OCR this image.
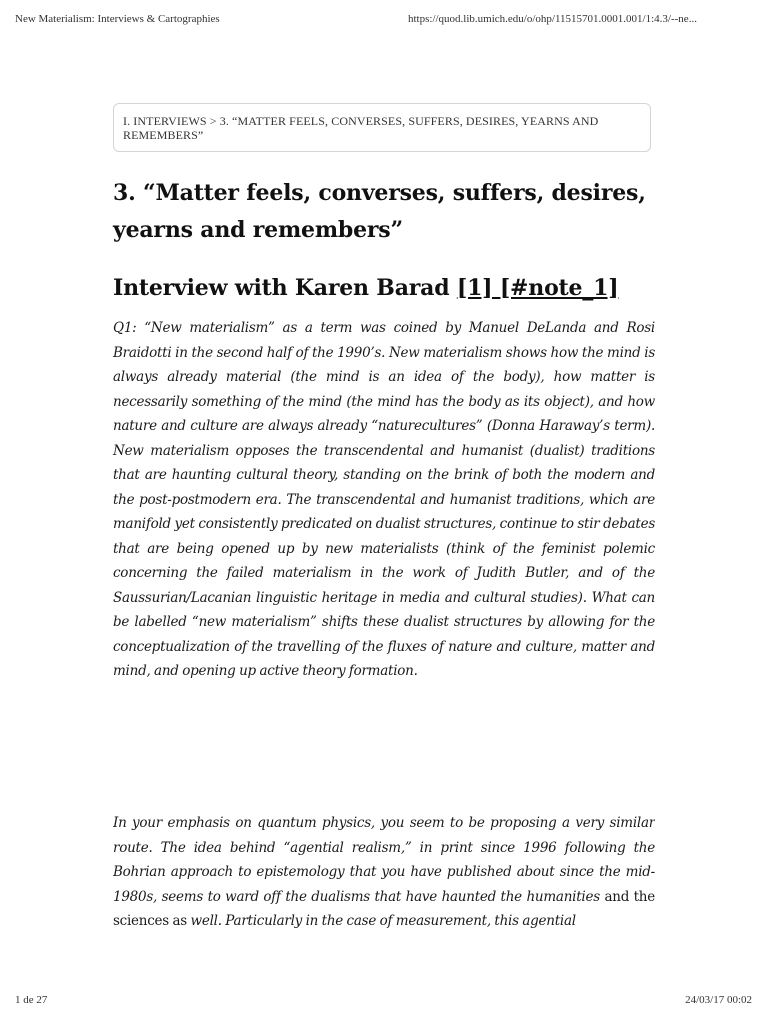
New Materialism: Interviews & Cartographies	https://quod.lib.umich.edu/o/ohp/11515701.0001.001/1:4.3/--ne...
I. INTERVIEWS > 3. “MATTER FEELS, CONVERSES, SUFFERS, DESIRES, YEARNS AND REMEMBERS”
3. “Matter feels, converses, suffers, desires, yearns and remembers”
Interview with Karen Barad [1] [#note_1]

Q1: “New materialism” as a term was coined by Manuel DeLanda and Rosi Braidotti in the second half of the 1990’s. New materialism shows how the mind is always already material (the mind is an idea of the body), how matter is necessarily something of the mind (the mind has the body as its object), and how nature and culture are always already “naturecultures” (Donna Haraway’s term). New materialism opposes the transcendental and humanist (dualist) traditions that are haunting cultural theory, standing on the brink of both the modern and the post-postmodern era. The transcendental and humanist traditions, which are manifold yet consistently predicated on dualist structures, continue to stir debates that are being opened up by new materialists (think of the feminist polemic concerning the failed materialism in the work of Judith Butler, and of the Saussurian/Lacanian linguistic heritage in media and cultural studies). What can be labelled “new materialism” shifts these dualist structures by allowing for the conceptualization of the travelling of the fluxes of nature and culture, matter and mind, and opening up active theory formation.

In your emphasis on quantum physics, you seem to be proposing a very similar route. The idea behind “agential realism,” in print since 1996 following the Bohrian approach to epistemology that you have published about since the mid-1980s, seems to ward off the dualisms that have haunted the humanities and the sciences as well. Particularly in the case of measurement, this agential

1 de 27	24/03/17 00:02
